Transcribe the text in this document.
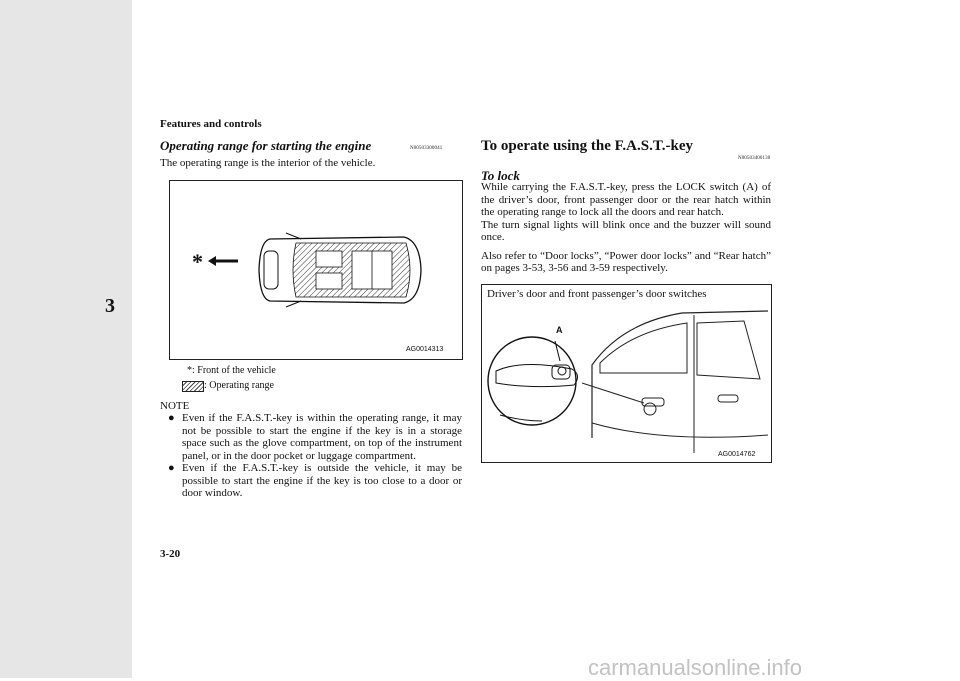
3
Features and controls
Operating range for starting the engine	N00503300041
The operating range is the interior of the vehicle.
*
AG0014313
*: Front of the vehicle
: Operating range
NOTE
● Even if the F.A.S.T.-key is within the operating range, it may not be possible to start the engine if the key is in a storage space such as the glove compartment, on top of the instrument panel, or in the door pocket or luggage compartment.
● Even if the F.A.S.T.-key is outside the vehicle, it may be possible to start the engine if the key is too close to a door or door window.
To operate using the F.A.S.T.-key
N00503400130
To lock
While carrying the F.A.S.T.-key, press the LOCK switch (A) of the driver’s door, front passenger door or the rear hatch within the operating range to lock all the doors and rear hatch.
The turn signal lights will blink once and the buzzer will sound once.
Also refer to “Door locks”, “Power door locks” and “Rear hatch” on pages 3-53, 3-56 and 3-59 respectively.
Driver’s door and front passenger’s door switches
A
AG0014762
3-20
carmanualsonline.info
